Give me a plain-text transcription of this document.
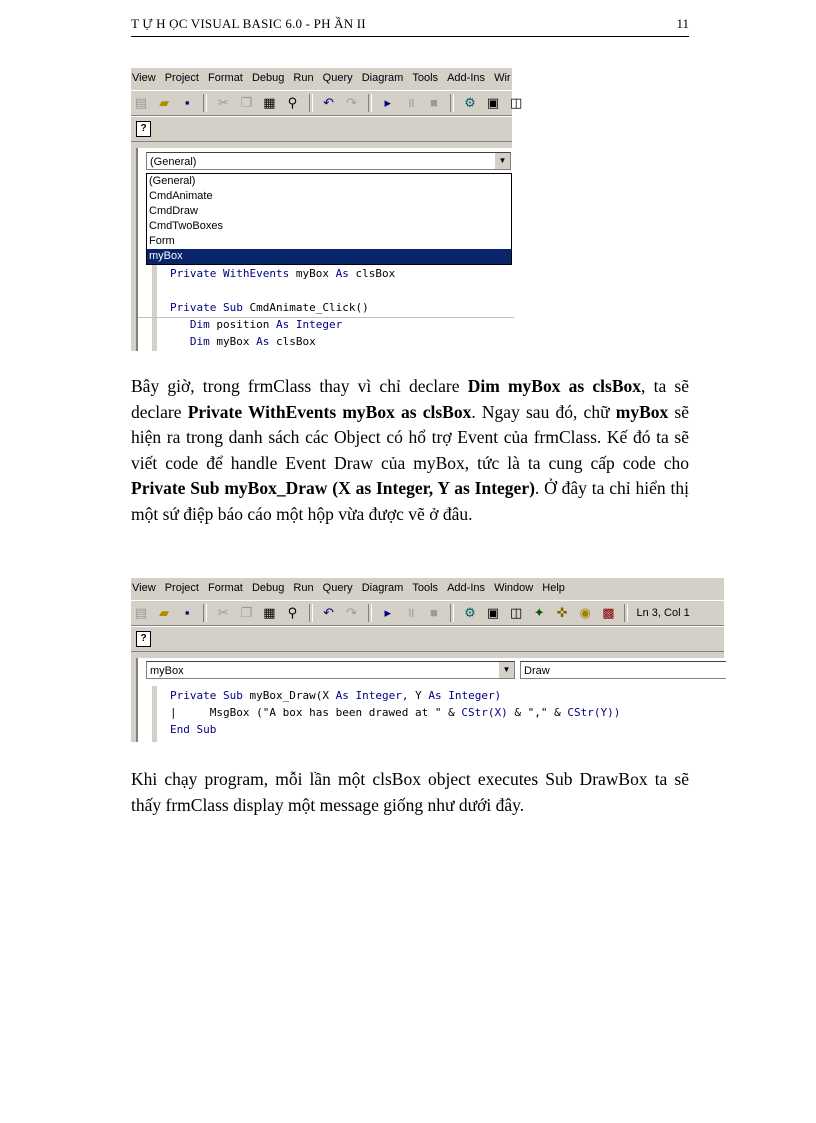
T Ự H ỌC VISUAL BASIC 6.0 - PH ẦN II	11
View Project Format Debug Run Query Diagram Tools Add-Ins Wir
▤ ▰ ▪ ✂ ❐ ▦ ⚲ ↶ ↷ ▸ ॥ ■ ⚙ ▣ ◫
?
(General)	▼
(General)
CmdAnimate
CmdDraw
CmdTwoBoxes
Form
myBox
Private WithEvents myBox As clsBox

Private Sub CmdAnimate_Click()
Dim position As Integer
Dim myBox As clsBox

Bây giờ, trong frmClass thay vì chỉ declare Dim myBox as clsBox, ta sẽ declare Private WithEvents myBox as clsBox. Ngay sau đó, chữ myBox sẽ hiện ra trong danh sách các Object có hổ trợ Event của frmClass. Kế đó ta sẽ viết code để handle Event Draw của myBox, tức là ta cung cấp code cho Private Sub myBox_Draw (X as Integer, Y as Integer). Ở đây ta chỉ hiển thị một sứ điệp báo cáo một hộp vừa được vẽ ở đâu.

View Project Format Debug Run Query Diagram Tools Add-Ins Window Help
▤ ▰ ▪ ✂ ❐ ▦ ⚲ ↶ ↷ ▸ ॥ ■ ⚙ ▣ ◫ ✦ ✜ ◉ ▩ Ln 3, Col 1
?
myBox	▼	Draw
Private Sub myBox_Draw(X As Integer, Y As Integer)
|	MsgBox ("A box has been drawed at " & CStr(X) & "," & CStr(Y))
End Sub

Khi chạy program, mỗi lần một clsBox object executes Sub DrawBox ta sẽ thấy frmClass display một message giống như dưới đây.
